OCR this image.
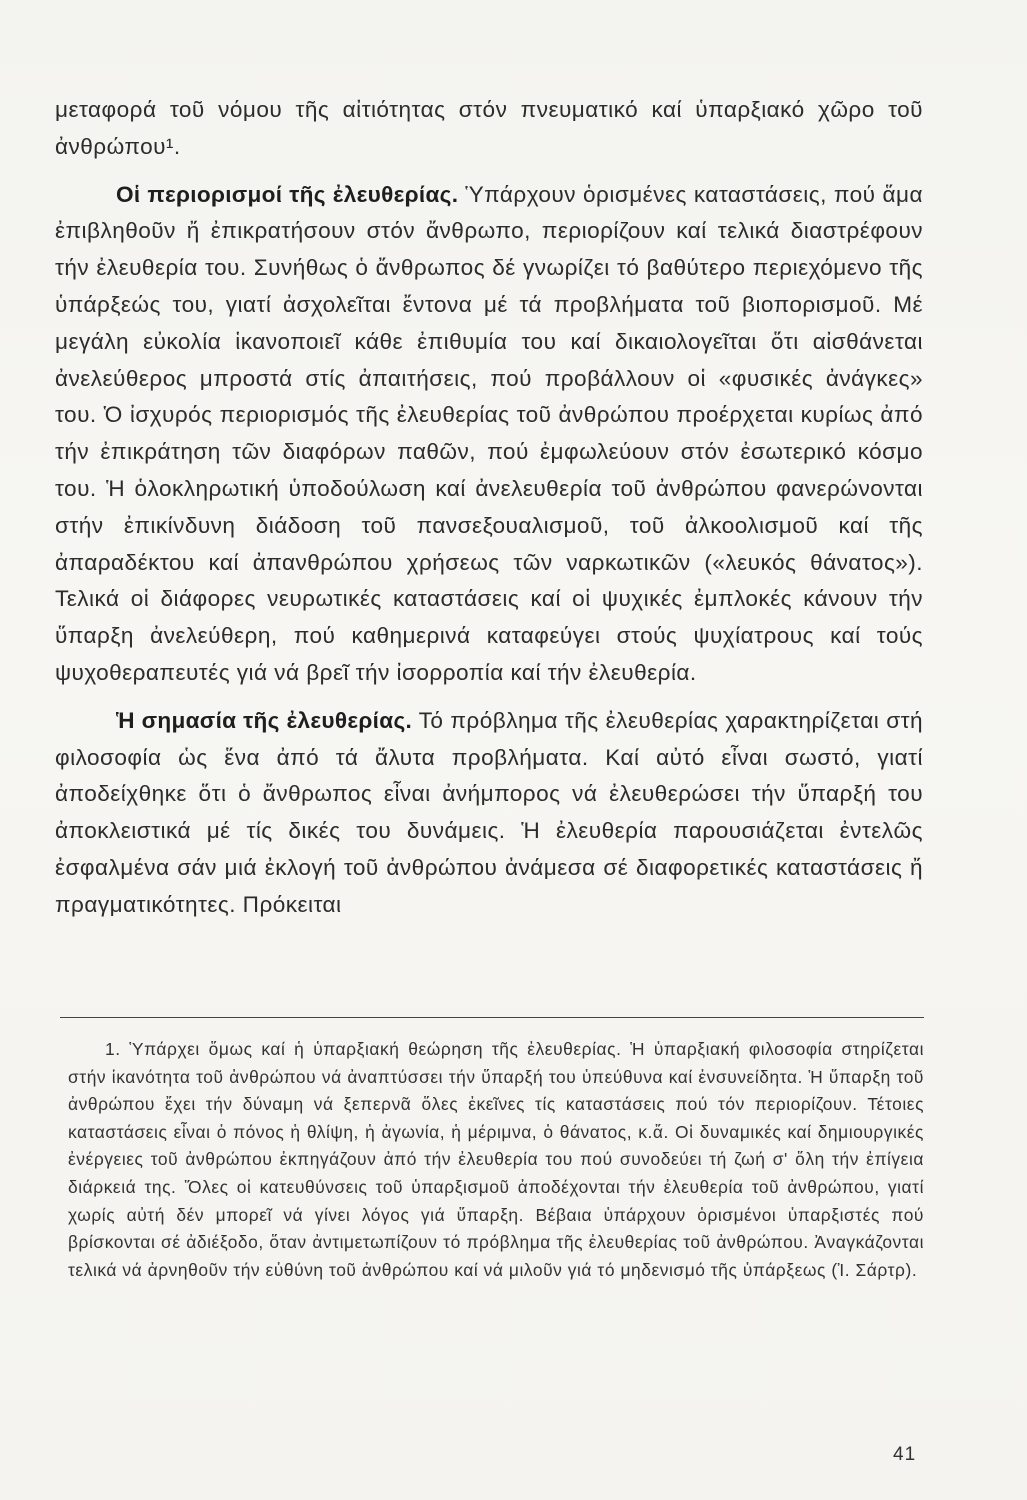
μεταφορά τοῦ νόμου τῆς αἰτιότητας στόν πνευματικό καί ὑπαρξιακό χῶρο τοῦ ἀνθρώπου¹.

Οἱ περιορισμοί τῆς ἐλευθερίας. Ὑπάρχουν ὁρισμένες καταστάσεις, πού ἅμα ἐπιβληθοῦν ἤ ἐπικρατήσουν στόν ἄνθρωπο, περιορίζουν καί τελικά διαστρέφουν τήν ἐλευθερία του. Συνήθως ὁ ἄνθρωπος δέ γνωρίζει τό βαθύτερο περιεχόμενο τῆς ὑπάρξεώς του, γιατί ἀσχολεῖται ἔντονα μέ τά προβλήματα τοῦ βιοπορισμοῦ. Μέ μεγάλη εὐκολία ἱκανοποιεῖ κάθε ἐπιθυμία του καί δικαιολογεῖται ὅτι αἰσθάνεται ἀνελεύθερος μπροστά στίς ἀπαιτήσεις, πού προβάλλουν οἱ «φυσικές ἀνάγκες» του. Ὁ ἰσχυρός περιορισμός τῆς ἐλευθερίας τοῦ ἀνθρώπου προέρχεται κυρίως ἀπό τήν ἐπικράτηση τῶν διαφόρων παθῶν, πού ἐμφωλεύουν στόν ἐσωτερικό κόσμο του. Ἡ ὁλοκληρωτική ὑποδούλωση καί ἀνελευθερία τοῦ ἀνθρώπου φανερώνονται στήν ἐπικίνδυνη διάδοση τοῦ πανσεξουαλισμοῦ, τοῦ ἀλκοολισμοῦ καί τῆς ἀπαραδέκτου καί ἀπανθρώπου χρήσεως τῶν ναρκωτικῶν («λευκός θάνατος»). Τελικά οἱ διάφορες νευρωτικές καταστάσεις καί οἱ ψυχικές ἐμπλοκές κάνουν τήν ὕπαρξη ἀνελεύθερη, πού καθημερινά καταφεύγει στούς ψυχίατρους καί τούς ψυχοθεραπευτές γιά νά βρεῖ τήν ἰσορροπία καί τήν ἐλευθερία.

Ἡ σημασία τῆς ἐλευθερίας. Τό πρόβλημα τῆς ἐλευθερίας χαρακτηρίζεται στή φιλοσοφία ὡς ἕνα ἀπό τά ἄλυτα προβλήματα. Καί αὐτό εἶναι σωστό, γιατί ἀποδείχθηκε ὅτι ὁ ἄνθρωπος εἶναι ἀνήμπορος νά ἐλευθερώσει τήν ὕπαρξή του ἀποκλειστικά μέ τίς δικές του δυνάμεις. Ἡ ἐλευθερία παρουσιάζεται ἐντελῶς ἐσφαλμένα σάν μιά ἐκλογή τοῦ ἀνθρώπου ἀνάμεσα σέ διαφορετικές καταστάσεις ἤ πραγματικότητες. Πρόκειται

1. Ὑπάρχει ὅμως καί ἡ ὑπαρξιακή θεώρηση τῆς ἐλευθερίας. Ἡ ὑπαρξιακή φιλοσοφία στηρίζεται στήν ἱκανότητα τοῦ ἀνθρώπου νά ἀναπτύσσει τήν ὕπαρξή του ὑπεύθυνα καί ἐνσυνείδητα. Ἡ ὕπαρξη τοῦ ἀνθρώπου ἔχει τήν δύναμη νά ξεπερνᾶ ὅλες ἐκεῖνες τίς καταστάσεις πού τόν περιορίζουν. Τέτοιες καταστάσεις εἶναι ὁ πόνος ἡ θλίψη, ἡ ἀγωνία, ἡ μέριμνα, ὁ θάνατος, κ.ἄ. Οἱ δυναμικές καί δημιουργικές ἐνέργειες τοῦ ἀνθρώπου ἐκπηγάζουν ἀπό τήν ἐλευθερία του πού συνοδεύει τή ζωή σ' ὅλη τήν ἐπίγεια διάρκειά της. Ὅλες οἱ κατευθύνσεις τοῦ ὑπαρξισμοῦ ἀποδέχονται τήν ἐλευθερία τοῦ ἀνθρώπου, γιατί χωρίς αὐτή δέν μπορεῖ νά γίνει λόγος γιά ὕπαρξη. Βέβαια ὑπάρχουν ὁρισμένοι ὑπαρξιστές πού βρίσκονται σέ ἀδιέξοδο, ὅταν ἀντιμετωπίζουν τό πρόβλημα τῆς ἐλευθερίας τοῦ ἀνθρώπου. Ἀναγκάζονται τελικά νά ἀρνηθοῦν τήν εὐθύνη τοῦ ἀνθρώπου καί νά μιλοῦν γιά τό μηδενισμό τῆς ὑπάρξεως (Ἰ. Σάρτρ).

41
